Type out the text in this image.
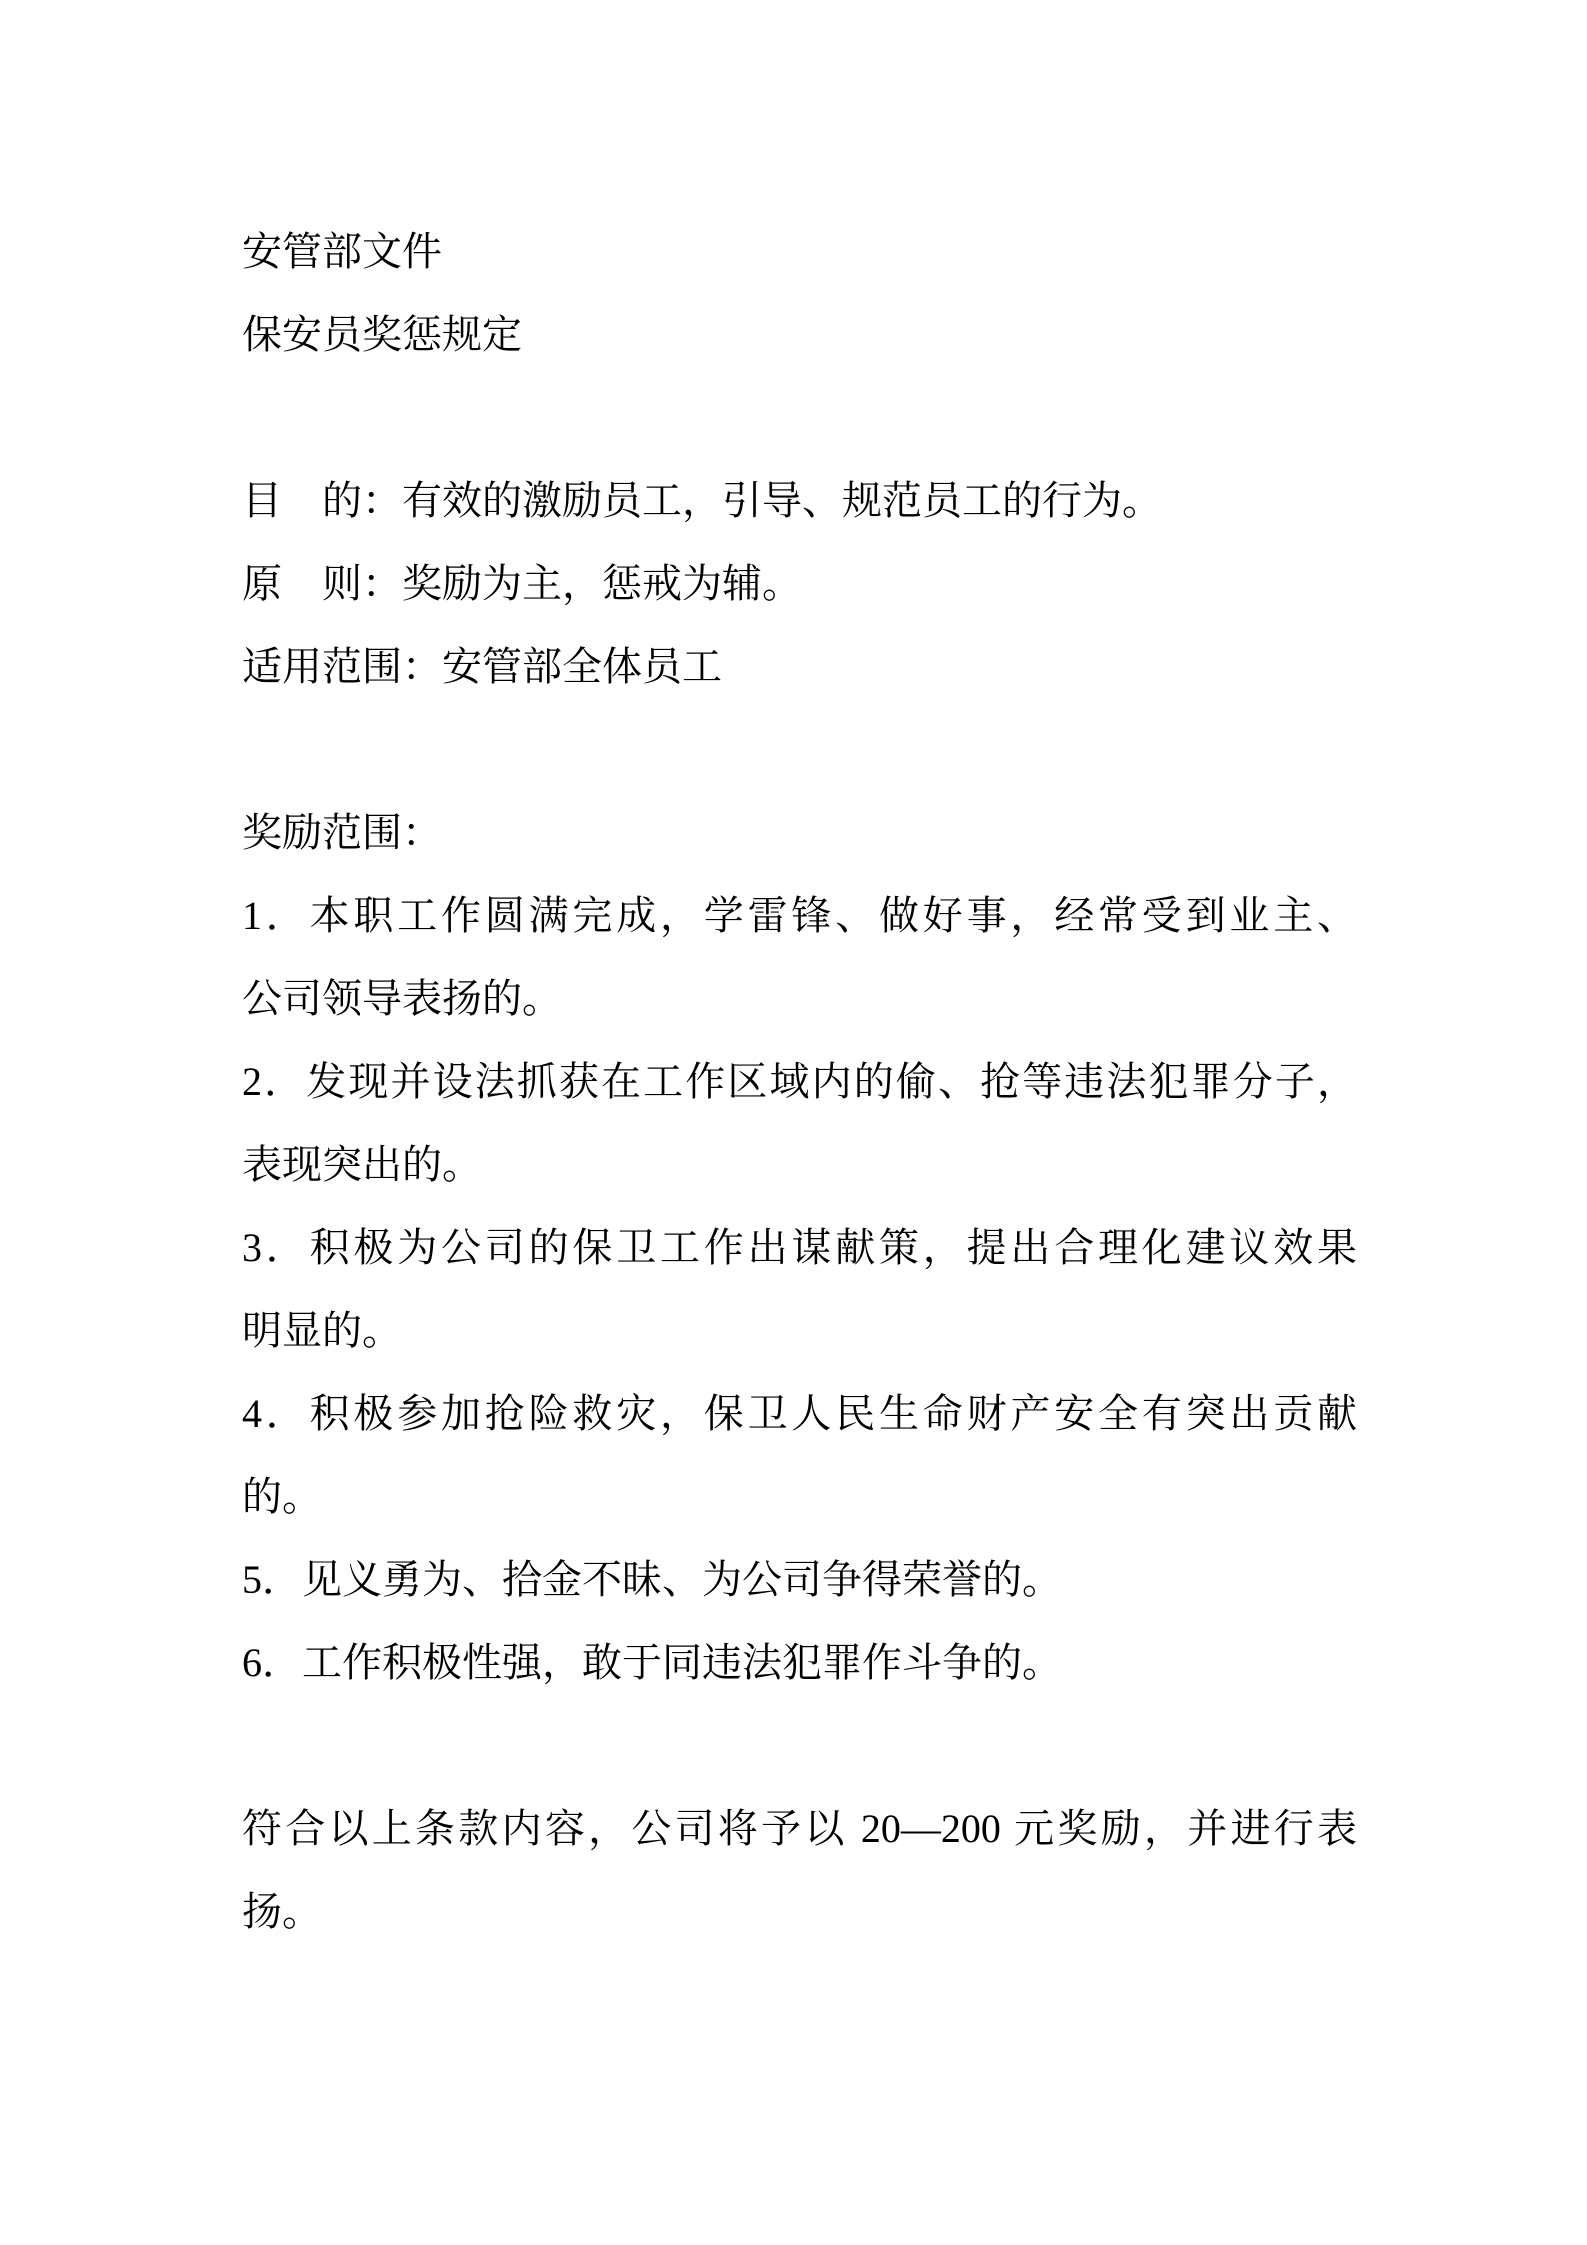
安管部文件
保安员奖惩规定
目　的：有效的激励员工，引导、规范员工的行为。
原　则：奖励为主，惩戒为辅。
适用范围：安管部全体员工
奖励范围：
1．本职工作圆满完成，学雷锋、做好事，经常受到业主、
公司领导表扬的。
2．发现并设法抓获在工作区域内的偷、抢等违法犯罪分子，
表现突出的。
3．积极为公司的保卫工作出谋献策，提出合理化建议效果
明显的。
4．积极参加抢险救灾，保卫人民生命财产安全有突出贡献
的。
5．见义勇为、拾金不昧、为公司争得荣誉的。
6．工作积极性强，敢于同违法犯罪作斗争的。
符合以上条款内容，公司将予以 20—200 元奖励，并进行表
扬。
